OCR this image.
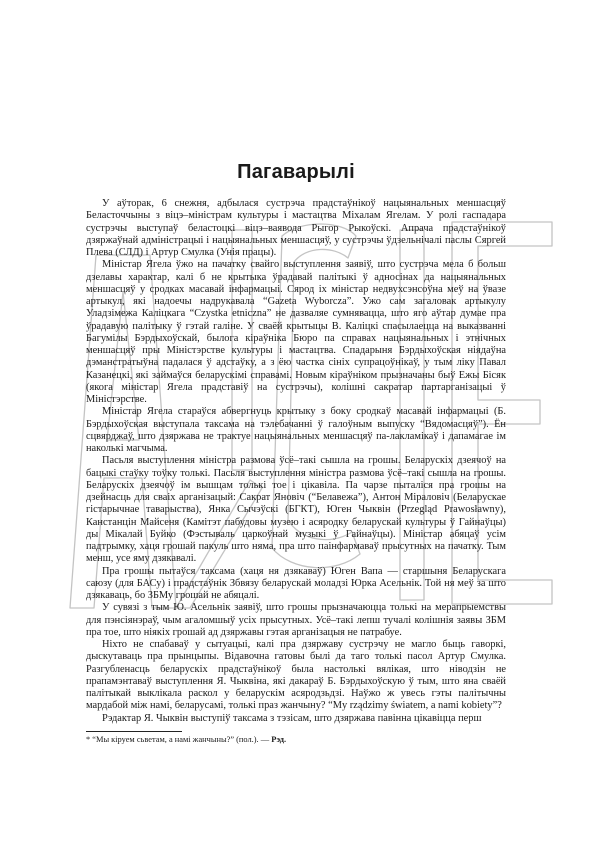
Пагаварылі

У аўторак, 6 снежня, адбылася сустрэча прадстаўнікоў нацыянальных меншасцяў Беласточчыны з віцэ–міністрам культуры і мастацтва Міхалам Ягелам. У ролі гаспадара сустрэчы выступаў беластоцкі віцэ–ваявода Рыгор Рыкоўскі. Апрача прадстаўнікоў дзяржаўнай адміністрацыі і нацыянальных меншасцяў, у сустрэчы ўдзельнічалі паслы Сяргей Плева (СЛД) і Артур Смулка (Унія працы).

Міністар Ягела ўжо на пачатку свайго выступлення заявіў, што сустрэча мела б больш дзелавы характар, калі б не крытыка ўрадавай палітыкі ў адносінах да нацыянальных меншасцяў у сродках масавай інфармацыі. Сярод іх міністар недвухсэнсоўна меў на ўвазе артыкул, які надоечы надрукавала “Gazeta Wyborcza”. Ужо сам загаловак артыкулу Уладзімежа Каліцкага “Czystka etniczna” не дазваляе сумнявацца, што яго аўтар думае пра ўрадавую палітыку ў гэтай галіне. У сваёй крытыцы В. Каліцкі спасылаецца на выказванні Багумілы Бэрдыхоўскай, былога кіраўніка Бюро па справах нацыянальных і этнічных меншасцяў пры Міністэрстве культуры і мастацтва. Спадарыня Бэрдыхоўская ніядаўна дэманстратыўна падалася ў адстаўку, а з ёю частка сініх супрацоўнікаў, у тым ліку Павал Казанецкі, які займаўся беларускімі справамі. Новым кіраўніком прызначаны быў Ежы Бісяк (якога міністар Ягела прадставіў на сустрэчы), колішні сакратар партарганізацыі ў Міністэрстве.

Міністар Ягела стараўся абвергнуць крытыку з боку сродкаў масавай інфармацыі (Б. Бэрдыхоўская выступала таксама на тэлебачанні ў галоўным выпуску “Вядомасцяў”). Ён сцвярджаў, што дзяржава не трактуе нацыянальных меншасцяў па-лакламікаў і дапамагае ім наколькі магчыма.

Пасьля выступлення міністра размова ўсё–такі сышла на грошы. Беларускіх дзеячоў на бацыкі стаўку тоўку толькі. Пасьля выступлення міністра размова ўсё–такі сышла на грошы. Беларускіх дзеячоў ім вышцам толькі тое і цікавіла. Па чарзе пыталіся пра грошы на дзейнасць для сваіх арганізацый: Сакрат Яновіч (“Белавежа”), Антон Міраловіч (Беларускае гістарычнае таварыства), Янка Сычэўскі (БГКТ), Юген Чыквін (Przegląd Prawosławny), Канстанцін Майсеня (Камітэт пабудовы музею і асяродку беларускай культуры ў Гайнаўцы) ды Мікалай Буйко (Фэстываль царкоўнай музыкі ў Гайнаўцы). Міністар абяцаў усім падтрымку, хаця грошай пакуль што няма, пра што паінфармаваў прысутных на пачатку. Тым менш, усе яму дзякавалі.

Пра грошы пытаўся таксама (хаця ня дзякаваў) Юген Вапа — старшыня Беларускага саюзу (для БАСу) і прадстаўнік Збвязу беларускай моладзі Юрка Асельнік. Той ня меў за што дзякаваць, бо ЗБМу грошай не абяцалі.

У сувязі з тым Ю. Асельнік заявіў, што грошы прызначаюцца толькі на мерапрыемствы для пэнсіянэраў, чым агаломшыў усіх прысутных. Усё–такі лепш тучалі колішнія заявы ЗБМ пра тое, што ніякіх грошай ад дзяржавы гэтая арганізацыя не патрабуе.

Ніхто не спабаваў у сытуацыі, калі пра дзяржаву сустрэчу не магло быць гаворкі, дыскутаваць пра прынцыпы. Відавочна гатовы былі да таго толькі пасол Артур Смулка. Разгубленасць беларускіх прадстаўнікоў была настолькі вялікая, што ніводзін не прапамэнтаваў выступлення Я. Чыквіна, які дакараў Б. Бэрдыхоўскую ў тым, што яна сваёй палітыкай выклікала раскол у беларускім асяродзьдзі. Наўжо ж увесь гэты палітычны мардабой між намі, беларусамі, толькі праз жанчыну? “My rządzimy światem, a nami kobiety”?

Рэдактар Я. Чыквін выступіў таксама з тэзісам, што дзяржава павінна цікавіцца перш

* “Мы кіруем сьветам, а намі жанчыны?” (пол.). — Рэд.
